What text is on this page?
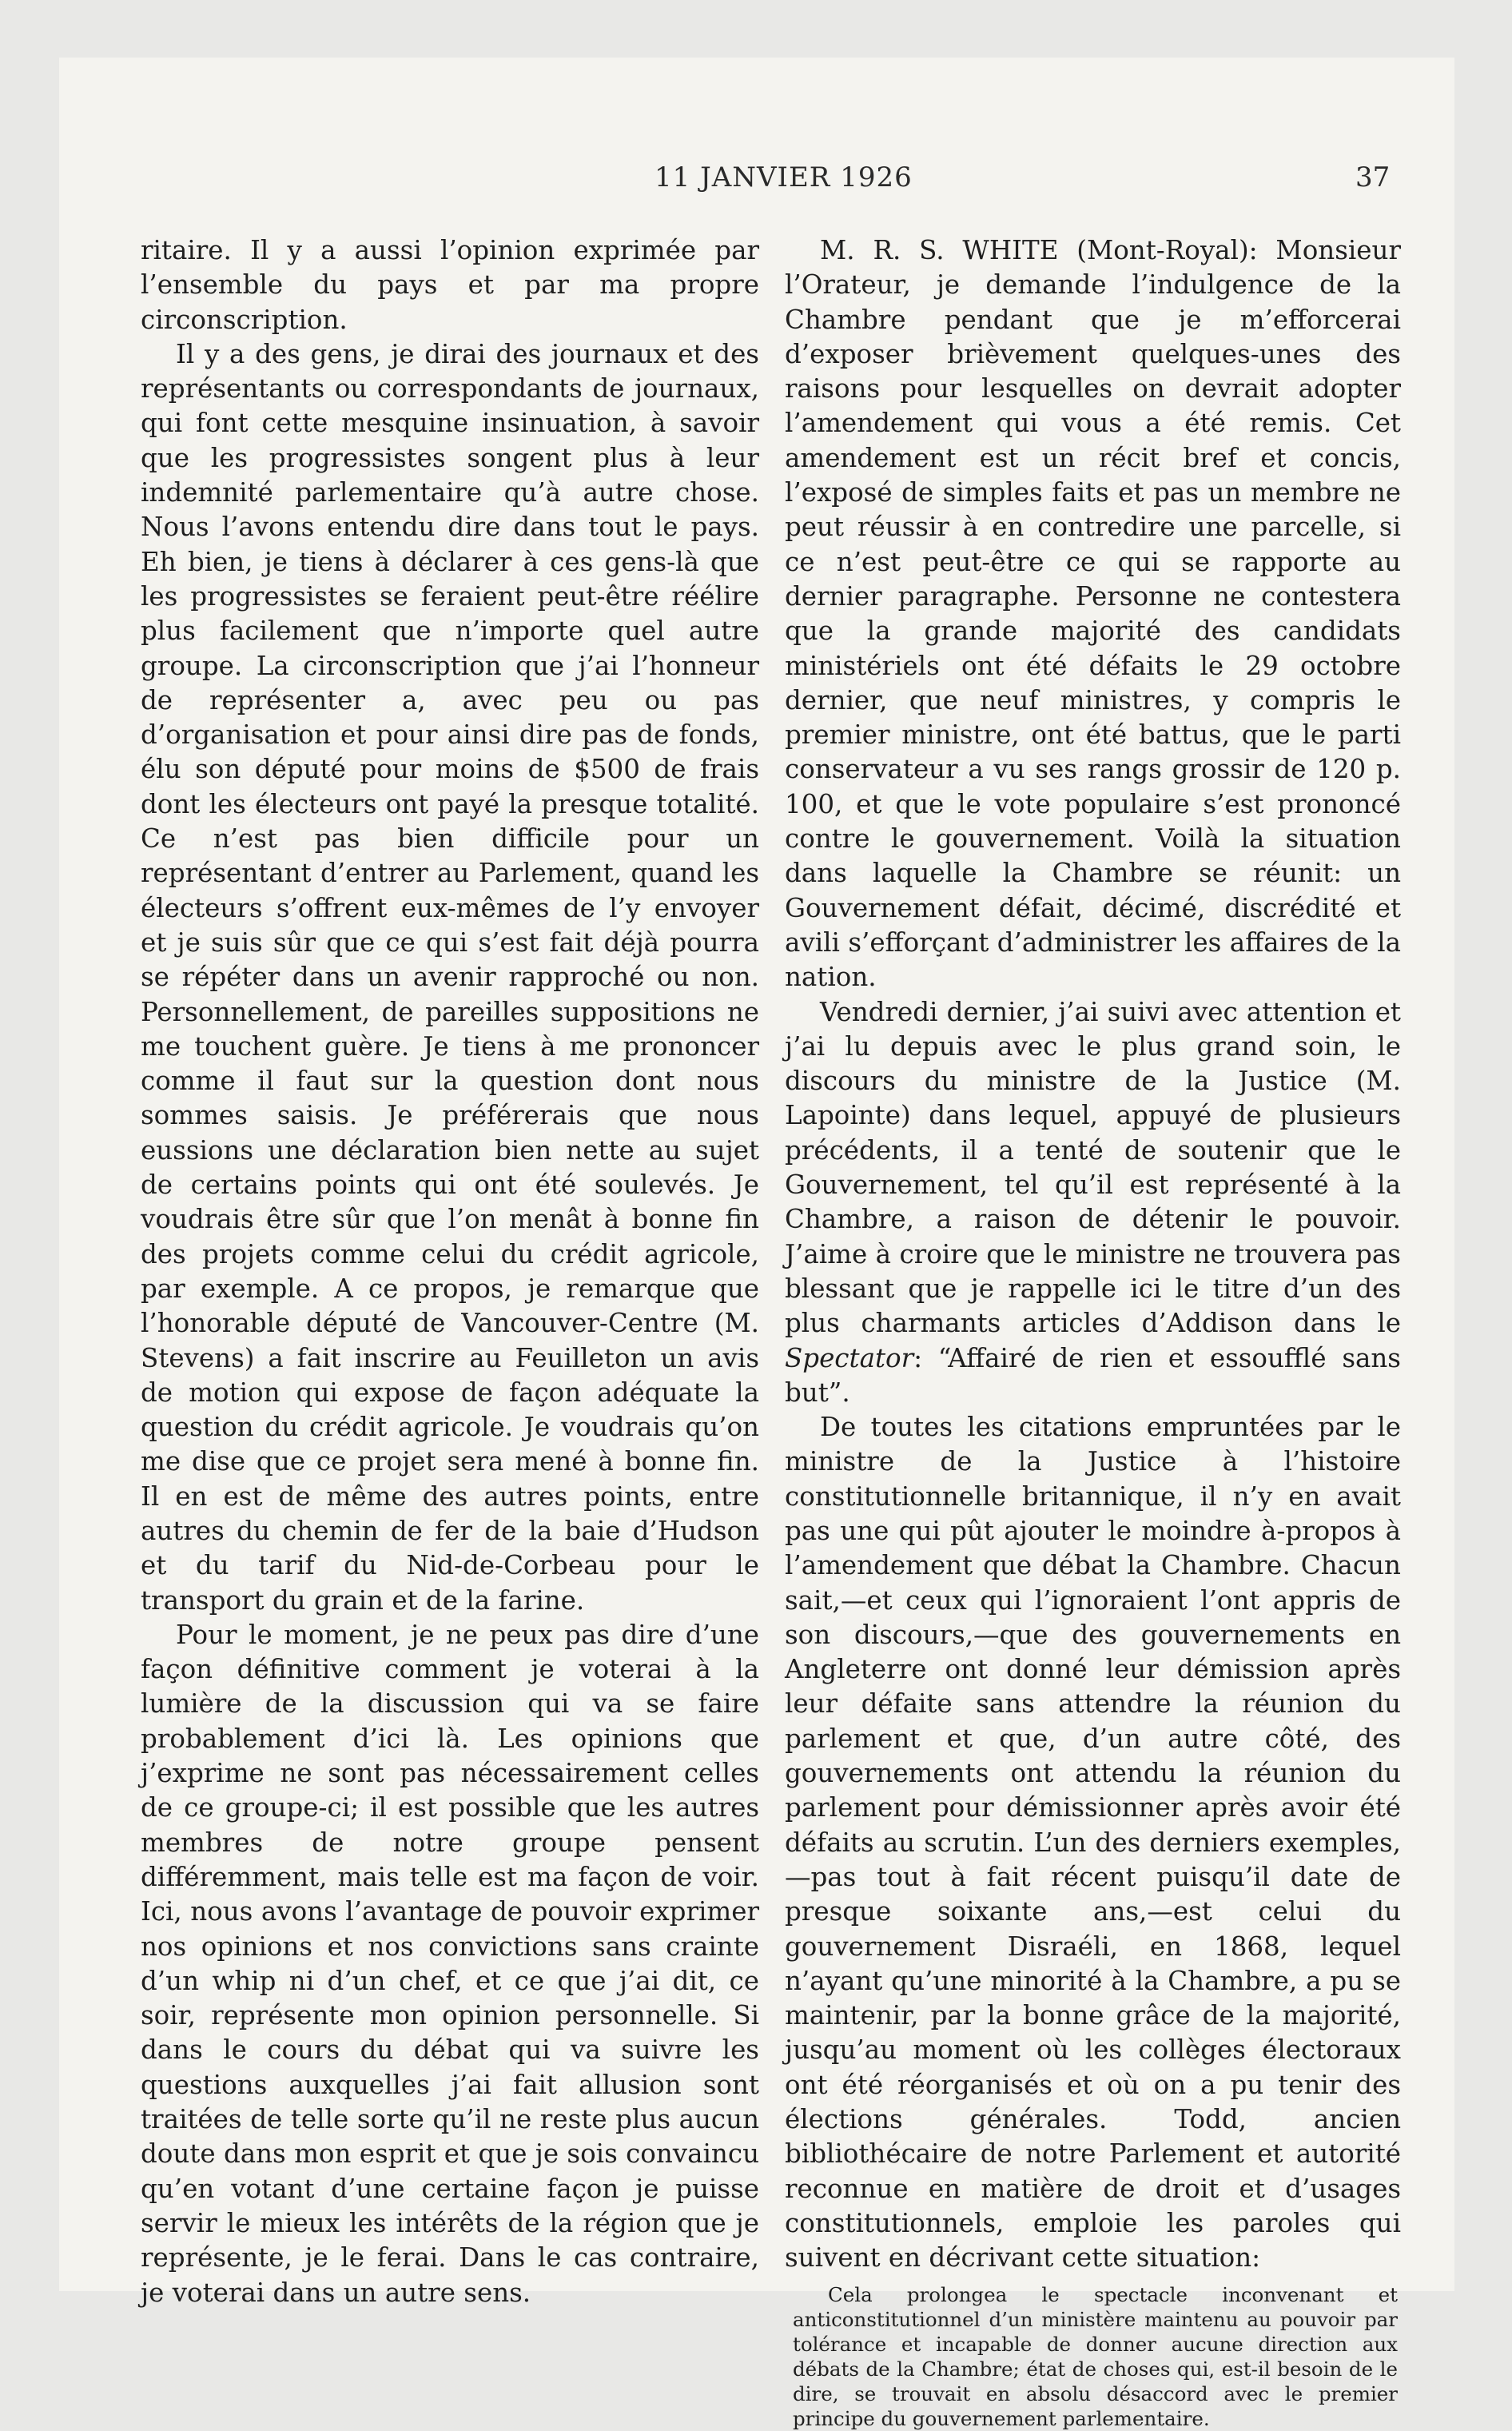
11 JANVIER 1926	37

ritaire. Il y a aussi l’opinion exprimée par l’ensemble du pays et par ma propre circonscription.

Il y a des gens, je dirai des journaux et des représentants ou correspondants de journaux, qui font cette mesquine insinuation, à savoir que les progressistes songent plus à leur indemnité parlementaire qu’à autre chose. Nous l’avons entendu dire dans tout le pays. Eh bien, je tiens à déclarer à ces gens-là que les progressistes se feraient peut-être réélire plus facilement que n’importe quel autre groupe. La circonscription que j’ai l’honneur de représenter a, avec peu ou pas d’organisation et pour ainsi dire pas de fonds, élu son député pour moins de $500 de frais dont les électeurs ont payé la presque totalité. Ce n’est pas bien difficile pour un représentant d’entrer au Parlement, quand les électeurs s’offrent eux-mêmes de l’y envoyer et je suis sûr que ce qui s’est fait déjà pourra se répéter dans un avenir rapproché ou non. Personnellement, de pareilles suppositions ne me touchent guère. Je tiens à me prononcer comme il faut sur la question dont nous sommes saisis. Je préférerais que nous eussions une déclaration bien nette au sujet de certains points qui ont été soulevés. Je voudrais être sûr que l’on menât à bonne fin des projets comme celui du crédit agricole, par exemple. A ce propos, je remarque que l’honorable député de Vancouver-Centre (M. Stevens) a fait inscrire au Feuilleton un avis de motion qui expose de façon adéquate la question du crédit agricole. Je voudrais qu’on me dise que ce projet sera mené à bonne fin. Il en est de même des autres points, entre autres du chemin de fer de la baie d’Hudson et du tarif du Nid-de-Corbeau pour le transport du grain et de la farine.

Pour le moment, je ne peux pas dire d’une façon définitive comment je voterai à la lumière de la discussion qui va se faire probablement d’ici là. Les opinions que j’exprime ne sont pas nécessairement celles de ce groupe-ci; il est possible que les autres membres de notre groupe pensent différemment, mais telle est ma façon de voir. Ici, nous avons l’avantage de pouvoir exprimer nos opinions et nos convictions sans crainte d’un whip ni d’un chef, et ce que j’ai dit, ce soir, représente mon opinion personnelle. Si dans le cours du débat qui va suivre les questions auxquelles j’ai fait allusion sont traitées de telle sorte qu’il ne reste plus aucun doute dans mon esprit et que je sois convaincu qu’en votant d’une certaine façon je puisse servir le mieux les intérêts de la région que je représente, je le ferai. Dans le cas contraire, je voterai dans un autre sens.

M. R. S. WHITE (Mont-Royal): Monsieur l’Orateur, je demande l’indulgence de la Chambre pendant que je m’efforcerai d’exposer brièvement quelques-unes des raisons pour lesquelles on devrait adopter l’amendement qui vous a été remis. Cet amendement est un récit bref et concis, l’exposé de simples faits et pas un membre ne peut réussir à en contredire une parcelle, si ce n’est peut-être ce qui se rapporte au dernier paragraphe. Personne ne contestera que la grande majorité des candidats ministériels ont été défaits le 29 octobre dernier, que neuf ministres, y compris le premier ministre, ont été battus, que le parti conservateur a vu ses rangs grossir de 120 p. 100, et que le vote populaire s’est prononcé contre le gouvernement. Voilà la situation dans laquelle la Chambre se réunit: un Gouvernement défait, décimé, discrédité et avili s’efforçant d’administrer les affaires de la nation.

Vendredi dernier, j’ai suivi avec attention et j’ai lu depuis avec le plus grand soin, le discours du ministre de la Justice (M. Lapointe) dans lequel, appuyé de plusieurs précédents, il a tenté de soutenir que le Gouvernement, tel qu’il est représenté à la Chambre, a raison de détenir le pouvoir. J’aime à croire que le ministre ne trouvera pas blessant que je rappelle ici le titre d’un des plus charmants articles d’Addison dans le Spectator: “Affairé de rien et essoufflé sans but”.

De toutes les citations empruntées par le ministre de la Justice à l’histoire constitutionnelle britannique, il n’y en avait pas une qui pût ajouter le moindre à-propos à l’amendement que débat la Chambre. Chacun sait,—et ceux qui l’ignoraient l’ont appris de son discours,—que des gouvernements en Angleterre ont donné leur démission après leur défaite sans attendre la réunion du parlement et que, d’un autre côté, des gouvernements ont attendu la réunion du parlement pour démissionner après avoir été défaits au scrutin. L’un des derniers exemples,—pas tout à fait récent puisqu’il date de presque soixante ans,—est celui du gouvernement Disraéli, en 1868, lequel n’ayant qu’une minorité à la Chambre, a pu se maintenir, par la bonne grâce de la majorité, jusqu’au moment où les collèges électoraux ont été réorganisés et où on a pu tenir des élections générales. Todd, ancien bibliothécaire de notre Parlement et autorité reconnue en matière de droit et d’usages constitutionnels, emploie les paroles qui suivent en décrivant cette situation:

Cela prolongea le spectacle inconvenant et anticonstitutionnel d’un ministère maintenu au pouvoir par tolérance et incapable de donner aucune direction aux débats de la Chambre; état de choses qui, est-il besoin de le dire, se trouvait en absolu désaccord avec le premier principe du gouvernement parlementaire.
